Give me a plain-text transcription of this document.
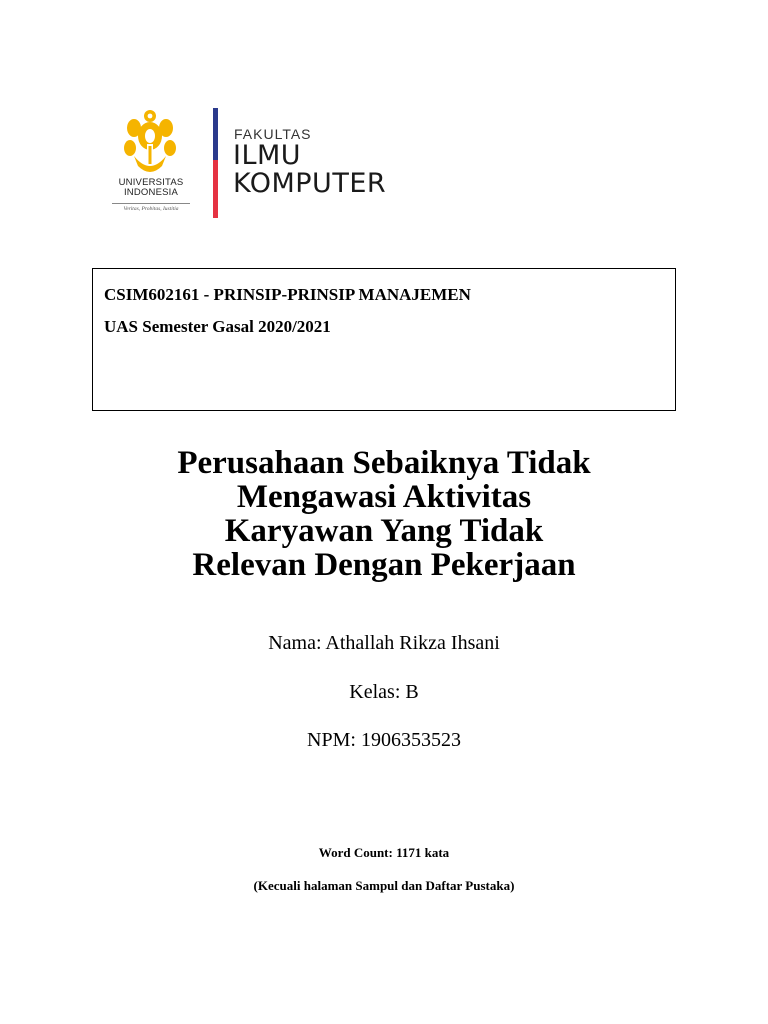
UNIVERSITAS
INDONESIA
Veritas, Probitas, Iustitia
FAKULTAS
ILMU
KOMPUTER
CSIM602161 - PRINSIP-PRINSIP MANAJEMEN
UAS Semester Gasal 2020/2021
Perusahaan Sebaiknya Tidak
Mengawasi Aktivitas
Karyawan Yang Tidak
Relevan Dengan Pekerjaan
Nama: Athallah Rikza Ihsani
Kelas: B
NPM: 1906353523
Word Count: 1171 kata
(Kecuali halaman Sampul dan Daftar Pustaka)
